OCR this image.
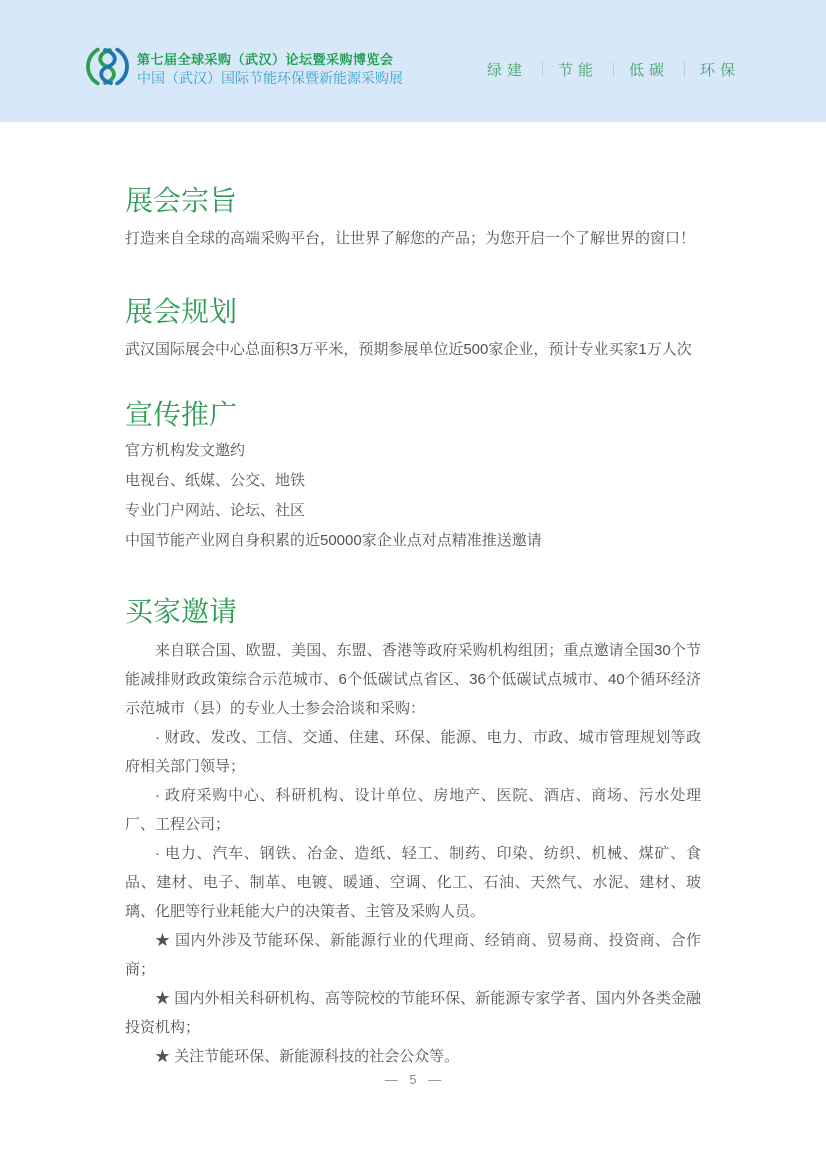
第七届全球采购（武汉）论坛暨采购博览会
中国（武汉）国际节能环保暨新能源采购展	绿建 节能 低碳 环保
展会宗旨

打造来自全球的高端采购平台，让世界了解您的产品；为您开启一个了解世界的窗口！

展会规划

武汉国际展会中心总面积3万平米，预期参展单位近500家企业，预计专业买家1万人次

宣传推广

官方机构发文邀约

电视台、纸媒、公交、地铁

专业门户网站、论坛、社区

中国节能产业网自身积累的近50000家企业点对点精准推送邀请

买家邀请

来自联合国、欧盟、美国、东盟、香港等政府采购机构组团；重点邀请全国30个节能减排财政政策综合示范城市、6个低碳试点省区、36个低碳试点城市、40个循环经济示范城市（县）的专业人士参会洽谈和采购：

· 财政、发改、工信、交通、住建、环保、能源、电力、市政、城市管理规划等政府相关部门领导；

· 政府采购中心、科研机构、设计单位、房地产、医院、酒店、商场、污水处理厂、工程公司；

· 电力、汽车、钢铁、冶金、造纸、轻工、制药、印染、纺织、机械、煤矿、食品、建材、电子、制革、电镀、暖通、空调、化工、石油、天然气、水泥、建材、玻璃、化肥等行业耗能大户的决策者、主管及采购人员。

★ 国内外涉及节能环保、新能源行业的代理商、经销商、贸易商、投资商、合作商；

★ 国内外相关科研机构、高等院校的节能环保、新能源专家学者、国内外各类金融投资机构；

★ 关注节能环保、新能源科技的社会公众等。

— 5 —
